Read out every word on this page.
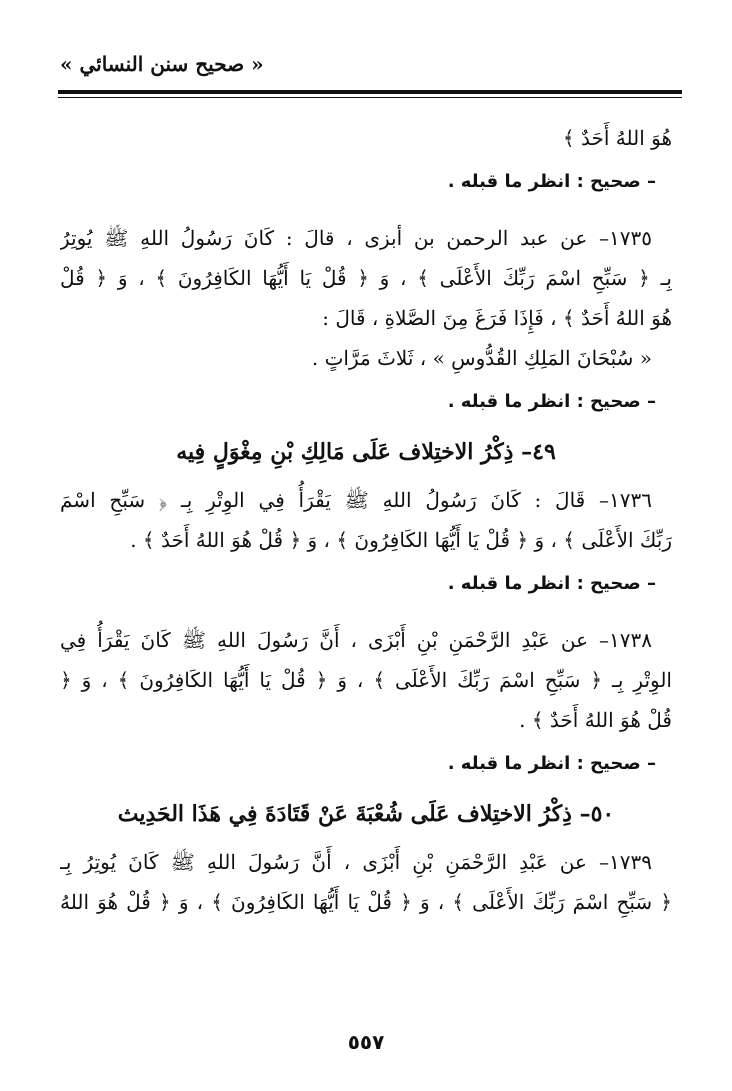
« صحيح سنن النسائي »
هُوَ اللهُ أَحَدٌ ﴾
– صحيح : انظر ما قبله .
١٧٣٥– عن عبد الرحمن بن أبزى ، قالَ : كَانَ رَسُولُ اللهِ ﷺ يُوتِرُ
بِـ ﴿ سَبِّحِ اسْمَ رَبِّكَ الأَعْلَى ﴾ ، وَ ﴿ قُلْ يَا أَيُّهَا الكَافِرُونَ ﴾ ، وَ ﴿ قُلْ
هُوَ اللهُ أَحَدٌ ﴾ ، فَإِذَا فَرَغَ مِنَ الصَّلاةِ ، قَالَ :
« سُبْحَانَ المَلِكِ القُدُّوسِ » ، ثَلاثَ مَرَّاتٍ .
– صحيح : انظر ما قبله .
٤٩– ذِكْرُ الاختِلاف عَلَى مَالِكِ بْنِ مِغْوَلٍ فِيه
١٧٣٦– قَالَ : كَانَ رَسُولُ اللهِ ﷺ يَقْرَأُ فِي الوِتْرِ بِـ ﴿ سَبِّحِ اسْمَ
رَبِّكَ الأَعْلَى ﴾ ، وَ ﴿ قُلْ يَا أَيُّهَا الكَافِرُونَ ﴾ ، وَ ﴿ قُلْ هُوَ اللهُ أَحَدٌ ﴾ .
– صحيح : انظر ما قبله .
١٧٣٨– عن عَبْدِ الرَّحْمَنِ بْنِ أَبْزَى ، أَنَّ رَسُولَ اللهِ ﷺ كَانَ يَقْرَأُ فِي
الوِتْرِ بِـ ﴿ سَبِّحِ اسْمَ رَبِّكَ الأَعْلَى ﴾ ، وَ ﴿ قُلْ يَا أَيُّهَا الكَافِرُونَ ﴾ ، وَ ﴿
قُلْ هُوَ اللهُ أَحَدٌ ﴾ .
– صحيح : انظر ما قبله .
٥٠– ذِكْرُ الاختِلاف عَلَى شُعْبَةَ عَنْ قَتَادَةَ فِي هَذَا الحَدِيث
١٧٣٩– عن عَبْدِ الرَّحْمَنِ بْنِ أَبْزَى ، أَنَّ رَسُولَ اللهِ ﷺ كَانَ يُوتِرُ بِـ
﴿ سَبِّحِ اسْمَ رَبِّكَ الأَعْلَى ﴾ ، وَ ﴿ قُلْ يَا أَيُّهَا الكَافِرُونَ ﴾ ، وَ ﴿ قُلْ هُوَ اللهُ
٥٥٧
